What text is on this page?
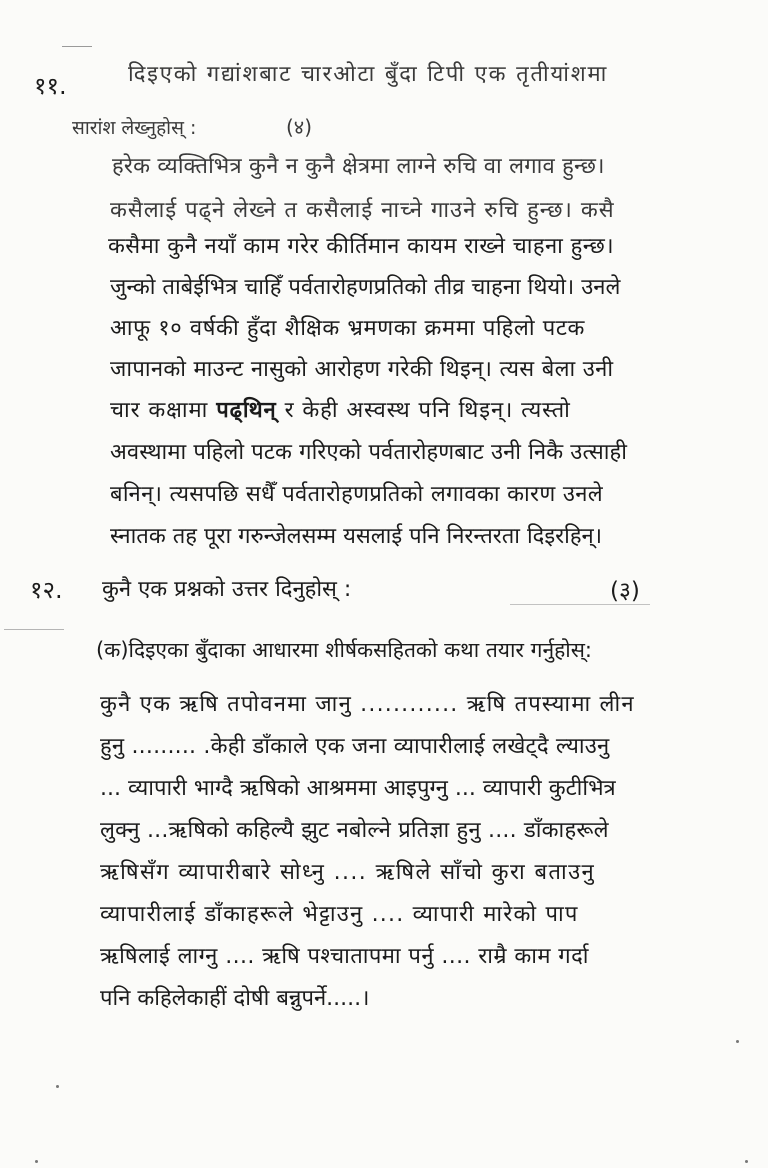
११.	दिइएको गद्यांशबाट चारओटा बुँदा टिपी एक तृतीयांशमा
सारांश लेख्नुहोस् :	(४)
हरेक व्यक्तिभित्र कुनै न कुनै क्षेत्रमा लाग्ने रुचि वा लगाव हुन्छ।
कसैलाई पढ्ने लेख्ने त कसैलाई नाच्ने गाउने रुचि हुन्छ। कसै
कसैमा कुनै नयाँ काम गरेर कीर्तिमान कायम राख्ने चाहना हुन्छ।
जुन्को ताबेईभित्र चाहिँ पर्वतारोहणप्रतिको तीव्र चाहना थियो। उनले
आफू १० वर्षकी हुँदा शैक्षिक भ्रमणका क्रममा पहिलो पटक
जापानको माउन्ट नासुको आरोहण गरेकी थिइन्। त्यस बेला उनी
चार कक्षामा पढ्थिन् र केही अस्वस्थ पनि थिइन्। त्यस्तो
अवस्थामा पहिलो पटक गरिएको पर्वतारोहणबाट उनी निकै उत्साही
बनिन्। त्यसपछि सधैँ पर्वतारोहणप्रतिको लगावका कारण उनले
स्नातक तह पूरा गरुन्जेलसम्म यसलाई पनि निरन्तरता दिइरहिन्।
१२. कुनै एक प्रश्नको उत्तर दिनुहोस् :	(३)
(क)दिइएका बुँदाका आधारमा शीर्षकसहितको कथा तयार गर्नुहोस्:
कुनै एक ऋषि तपोवनमा जानु ............ ऋषि तपस्यामा लीन
हुनु ......... .केही डाँकाले एक जना व्यापारीलाई लखेट्दै ल्याउनु
... व्यापारी भाग्दै ऋषिको आश्रममा आइपुग्नु ... व्यापारी कुटीभित्र
लुक्नु ...ऋषिको कहिल्यै झुट नबोल्ने प्रतिज्ञा हुनु .... डाँकाहरूले
ऋषिसँग व्यापारीबारे सोध्नु .... ऋषिले साँचो कुरा बताउनु
व्यापारीलाई डाँकाहरूले भेट्टाउनु .... व्यापारी मारेको पाप
ऋषिलाई लाग्नु .... ऋषि पश्चातापमा पर्नु .... राम्रै काम गर्दा
पनि कहिलेकाहीं दोषी बन्नुपर्ने.....।
